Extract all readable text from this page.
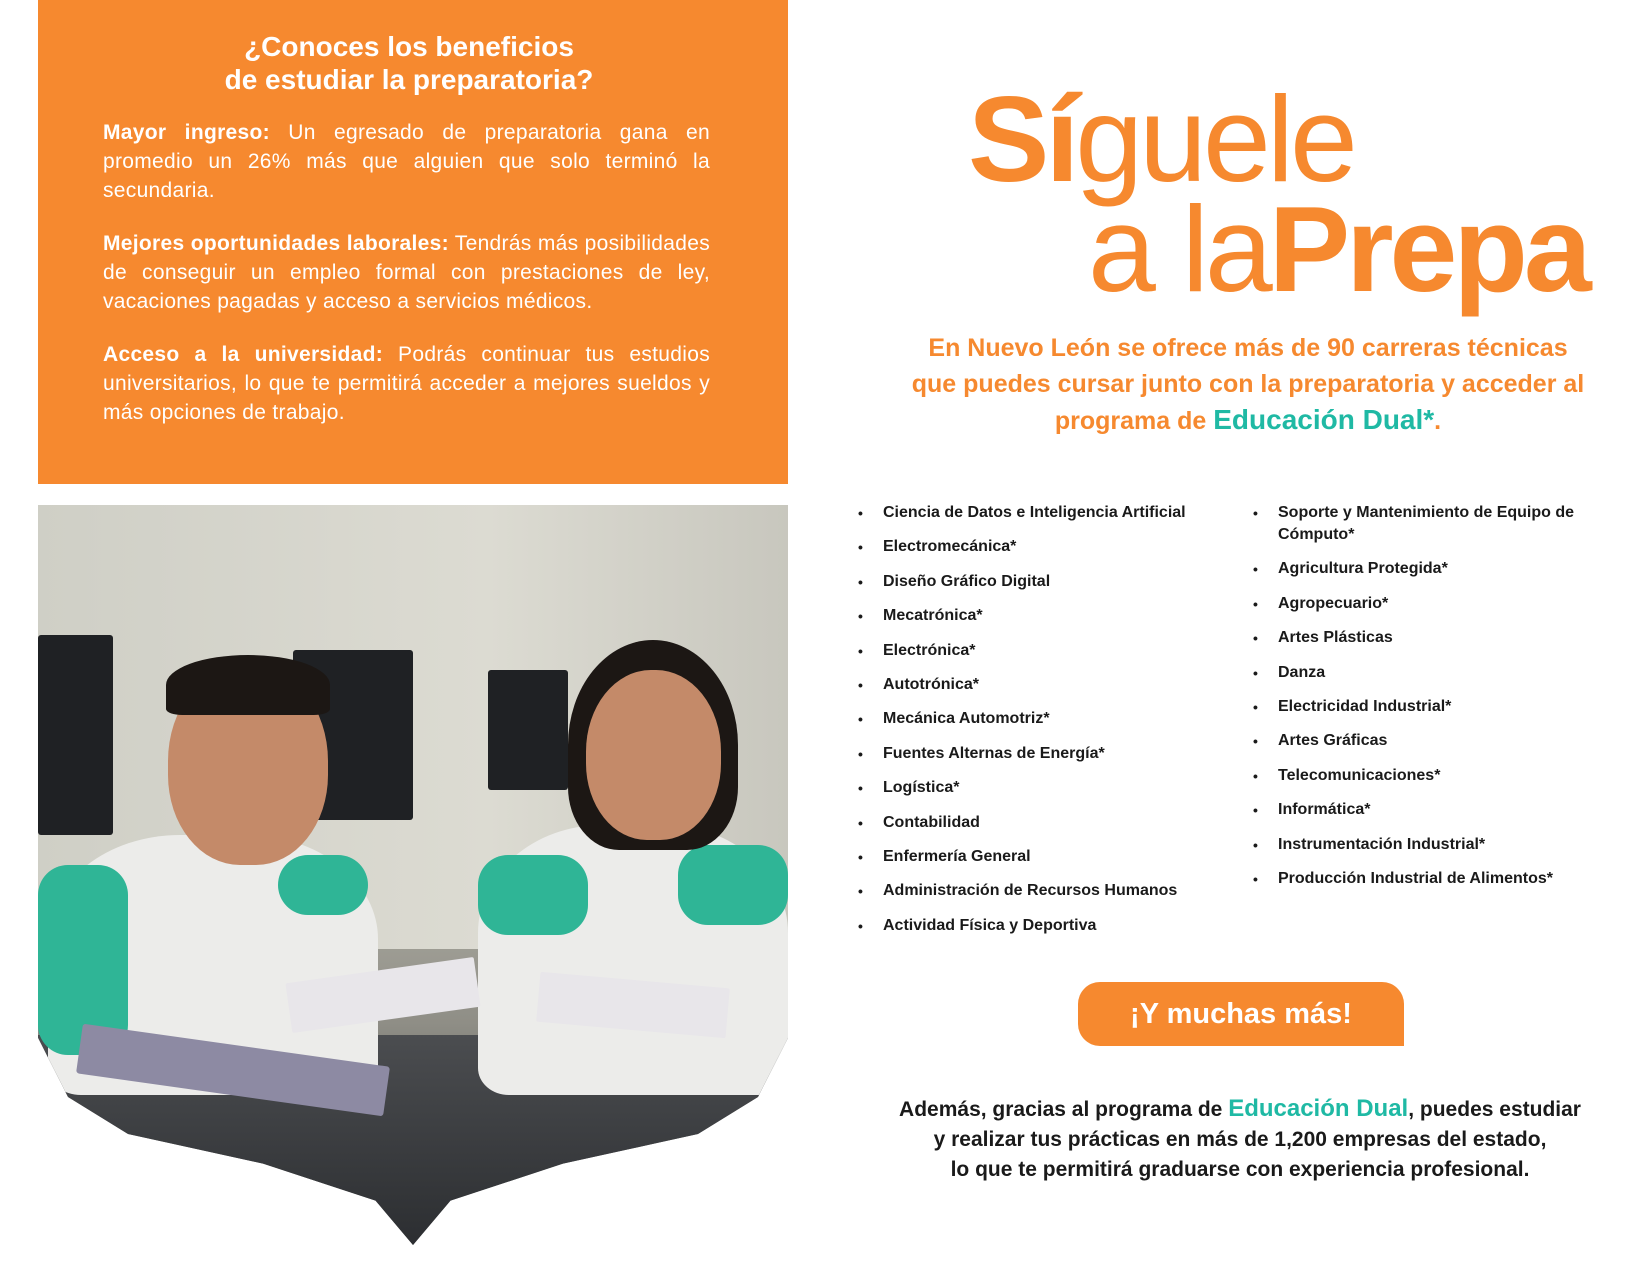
¿Conoces los beneficios
de estudiar la preparatoria?

Mayor ingreso: Un egresado de preparatoria gana en promedio un 26% más que alguien que solo terminó la secundaria.

Mejores oportunidades laborales: Tendrás más posibilidades de conseguir un empleo formal con prestaciones de ley, vacaciones pagadas y acceso a servicios médicos.

Acceso a la universidad: Podrás continuar tus estudios universitarios, lo que te permitirá acceder a mejores sueldos y más opciones de trabajo.

Síguele
a laPrepa
En Nuevo León se ofrece más de 90 carreras técnicas
que puedes cursar junto con la preparatoria y acceder al
programa de Educación Dual*.
• Ciencia de Datos e Inteligencia Artificial
• Electromecánica*
• Diseño Gráfico Digital
• Mecatrónica*
• Electrónica*
• Autotrónica*
• Mecánica Automotriz*
• Fuentes Alternas de Energía*
• Logística*
• Contabilidad
• Enfermería General
• Administración de Recursos Humanos
• Actividad Física y Deportiva
• Soporte y Mantenimiento de Equipo de Cómputo*
• Agricultura Protegida*
• Agropecuario*
• Artes Plásticas
• Danza
• Electricidad Industrial*
• Artes Gráficas
• Telecomunicaciones*
• Informática*
• Instrumentación Industrial*
• Producción Industrial de Alimentos*
¡Y muchas más!
Además, gracias al programa de Educación Dual, puedes estudiar
y realizar tus prácticas en más de 1,200 empresas del estado,
lo que te permitirá graduarse con experiencia profesional.
